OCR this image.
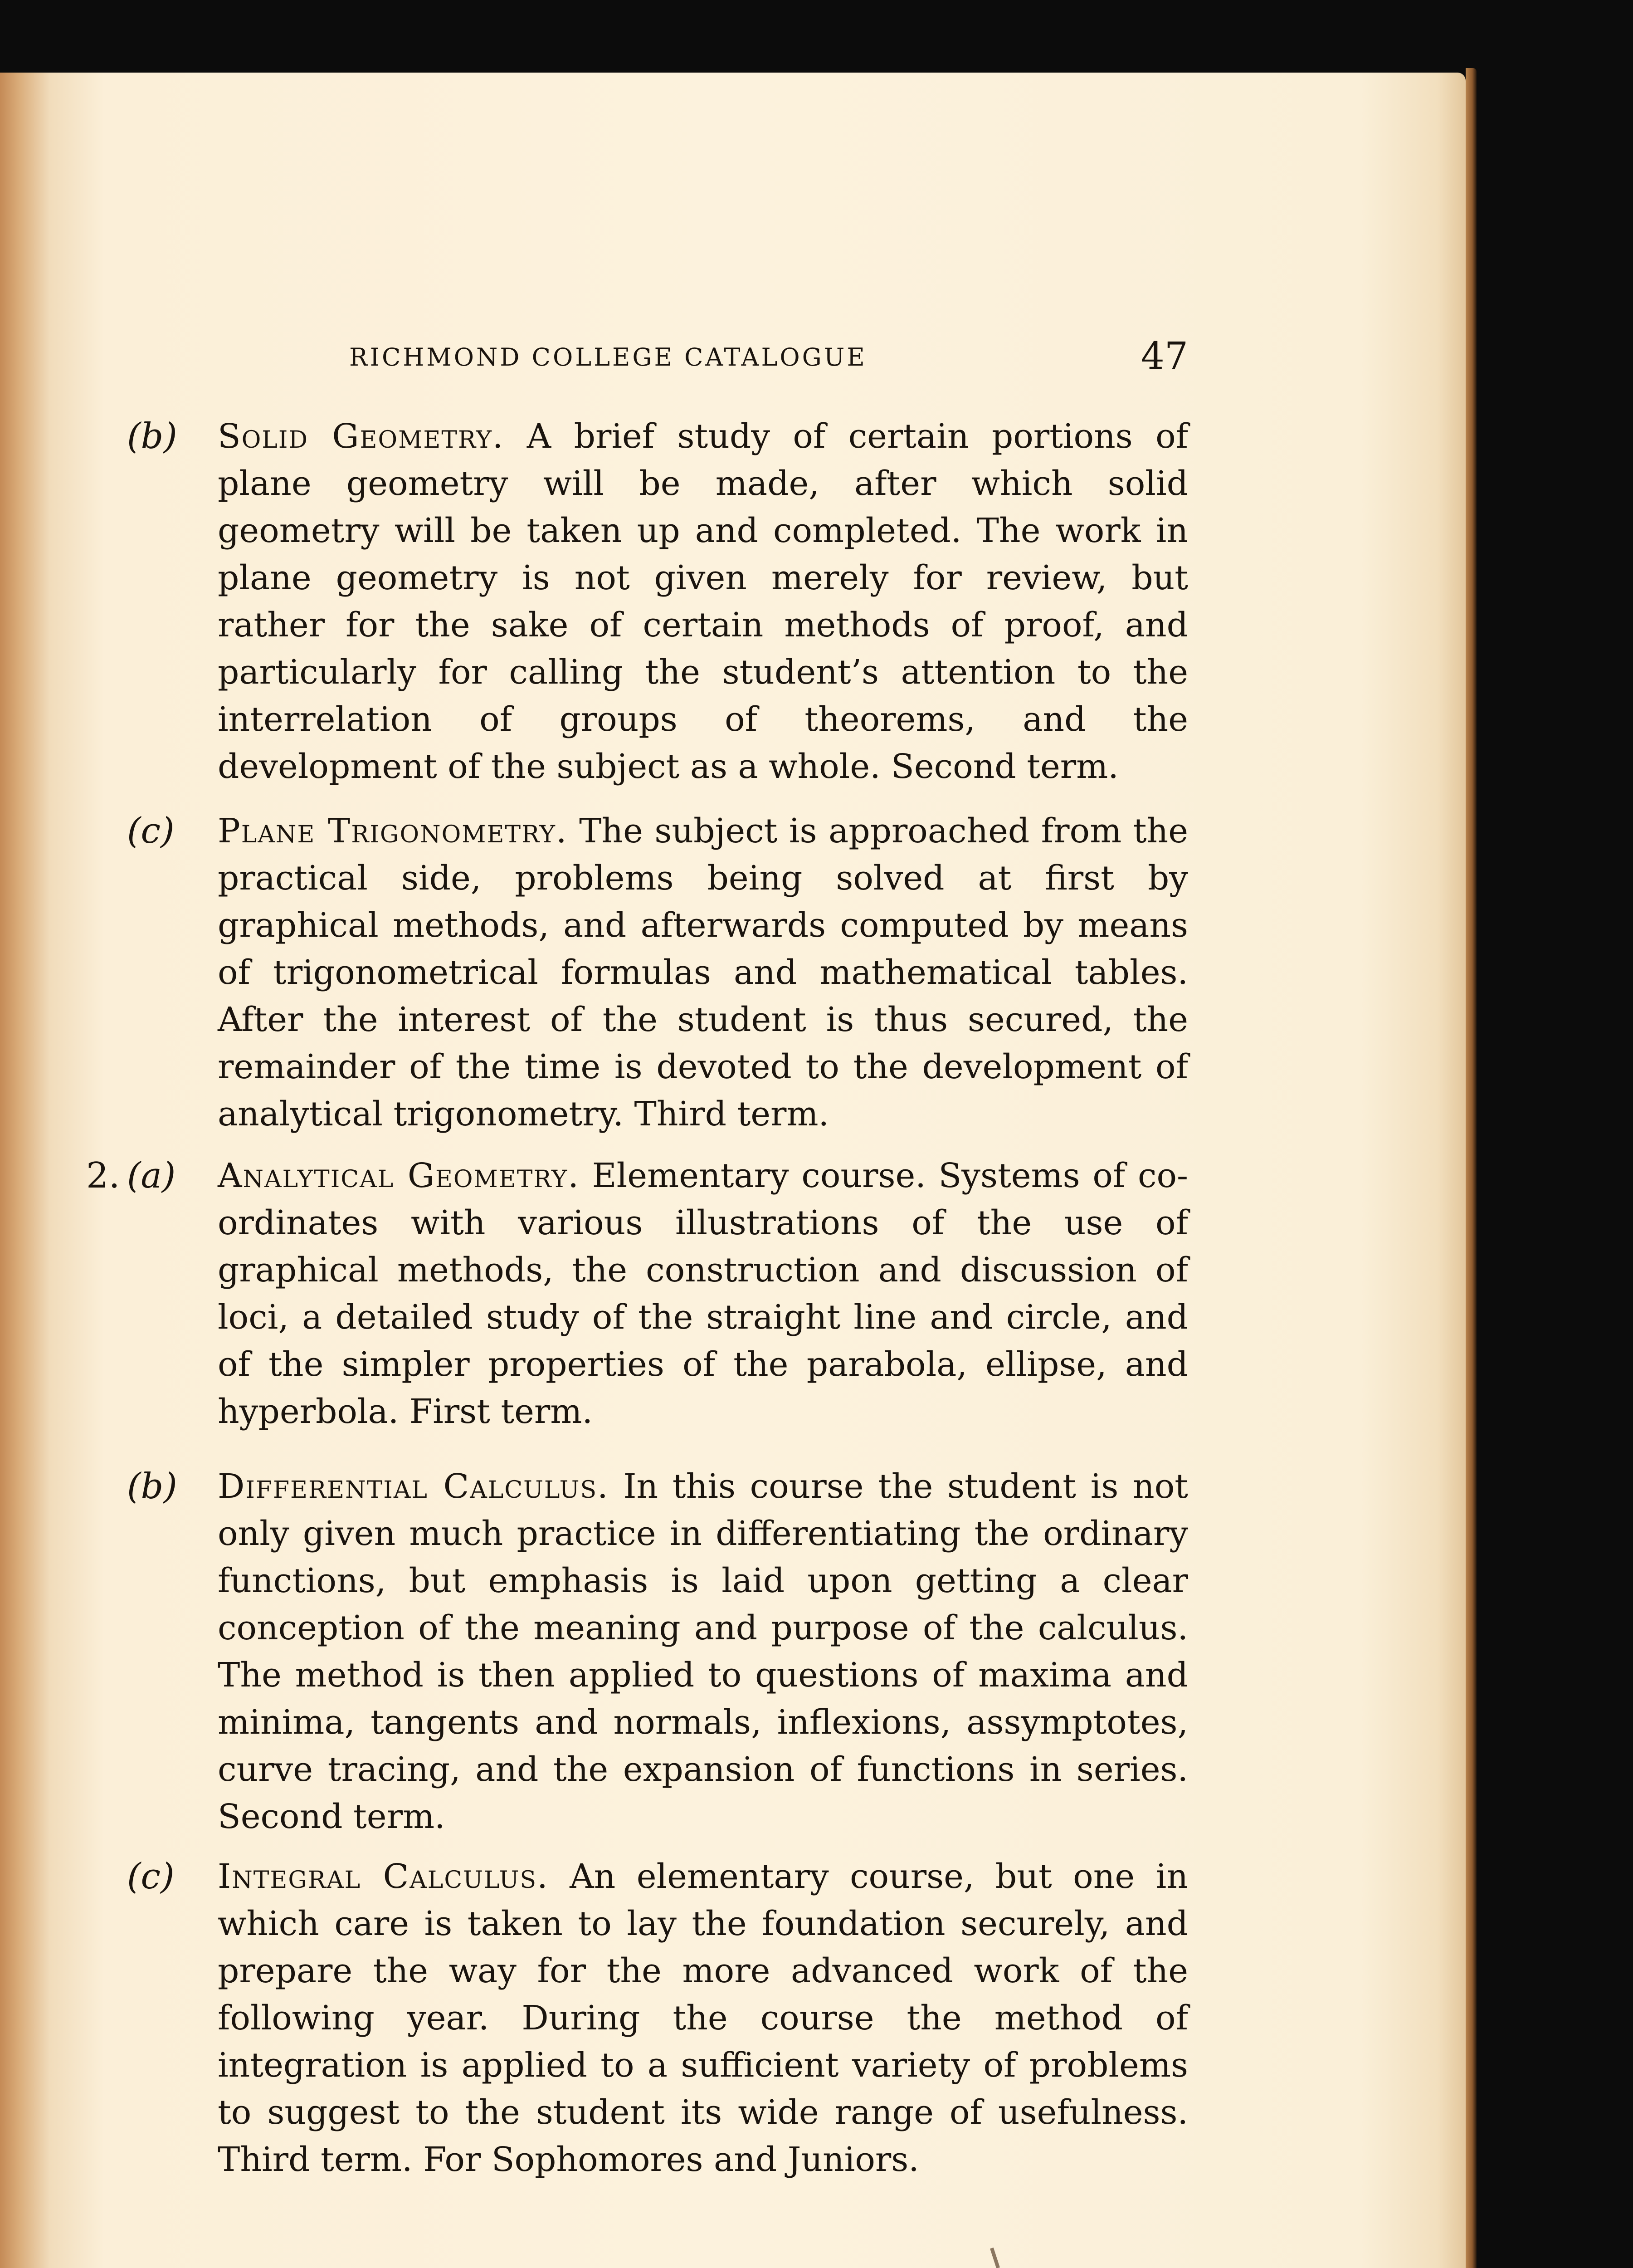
RICHMOND COLLEGE CATALOGUE	47
(b) Solid Geometry. A brief study of certain portions of plane geometry will be made, after which solid geometry will be taken up and completed. The work in plane geometry is not given merely for review, but rather for the sake of certain methods of proof, and particularly for calling the student’s attention to the interrelation of groups of theorems, and the development of the subject as a whole. Second term.
(c) Plane Trigonometry. The subject is approached from the practical side, problems being solved at first by graphical methods, and afterwards computed by means of trigonometrical formulas and mathematical tables. After the interest of the student is thus secured, the remainder of the time is devoted to the development of analytical trigonometry. Third term.
2. (a) Analytical Geometry. Elementary course. Systems of co-ordinates with various illustrations of the use of graphical methods, the construction and discussion of loci, a detailed study of the straight line and circle, and of the simpler properties of the parabola, ellipse, and hyperbola. First term.
(b) Differential Calculus. In this course the student is not only given much practice in differentiating the ordinary functions, but emphasis is laid upon getting a clear conception of the meaning and purpose of the calculus. The method is then applied to questions of maxima and minima, tangents and normals, inflexions, assymptotes, curve tracing, and the expansion of functions in series. Second term.
(c) Integral Calculus. An elementary course, but one in which care is taken to lay the foundation securely, and prepare the way for the more advanced work of the following year. During the course the method of integration is applied to a sufficient variety of problems to suggest to the student its wide range of usefulness. Third term. For Sophomores and Juniors.
